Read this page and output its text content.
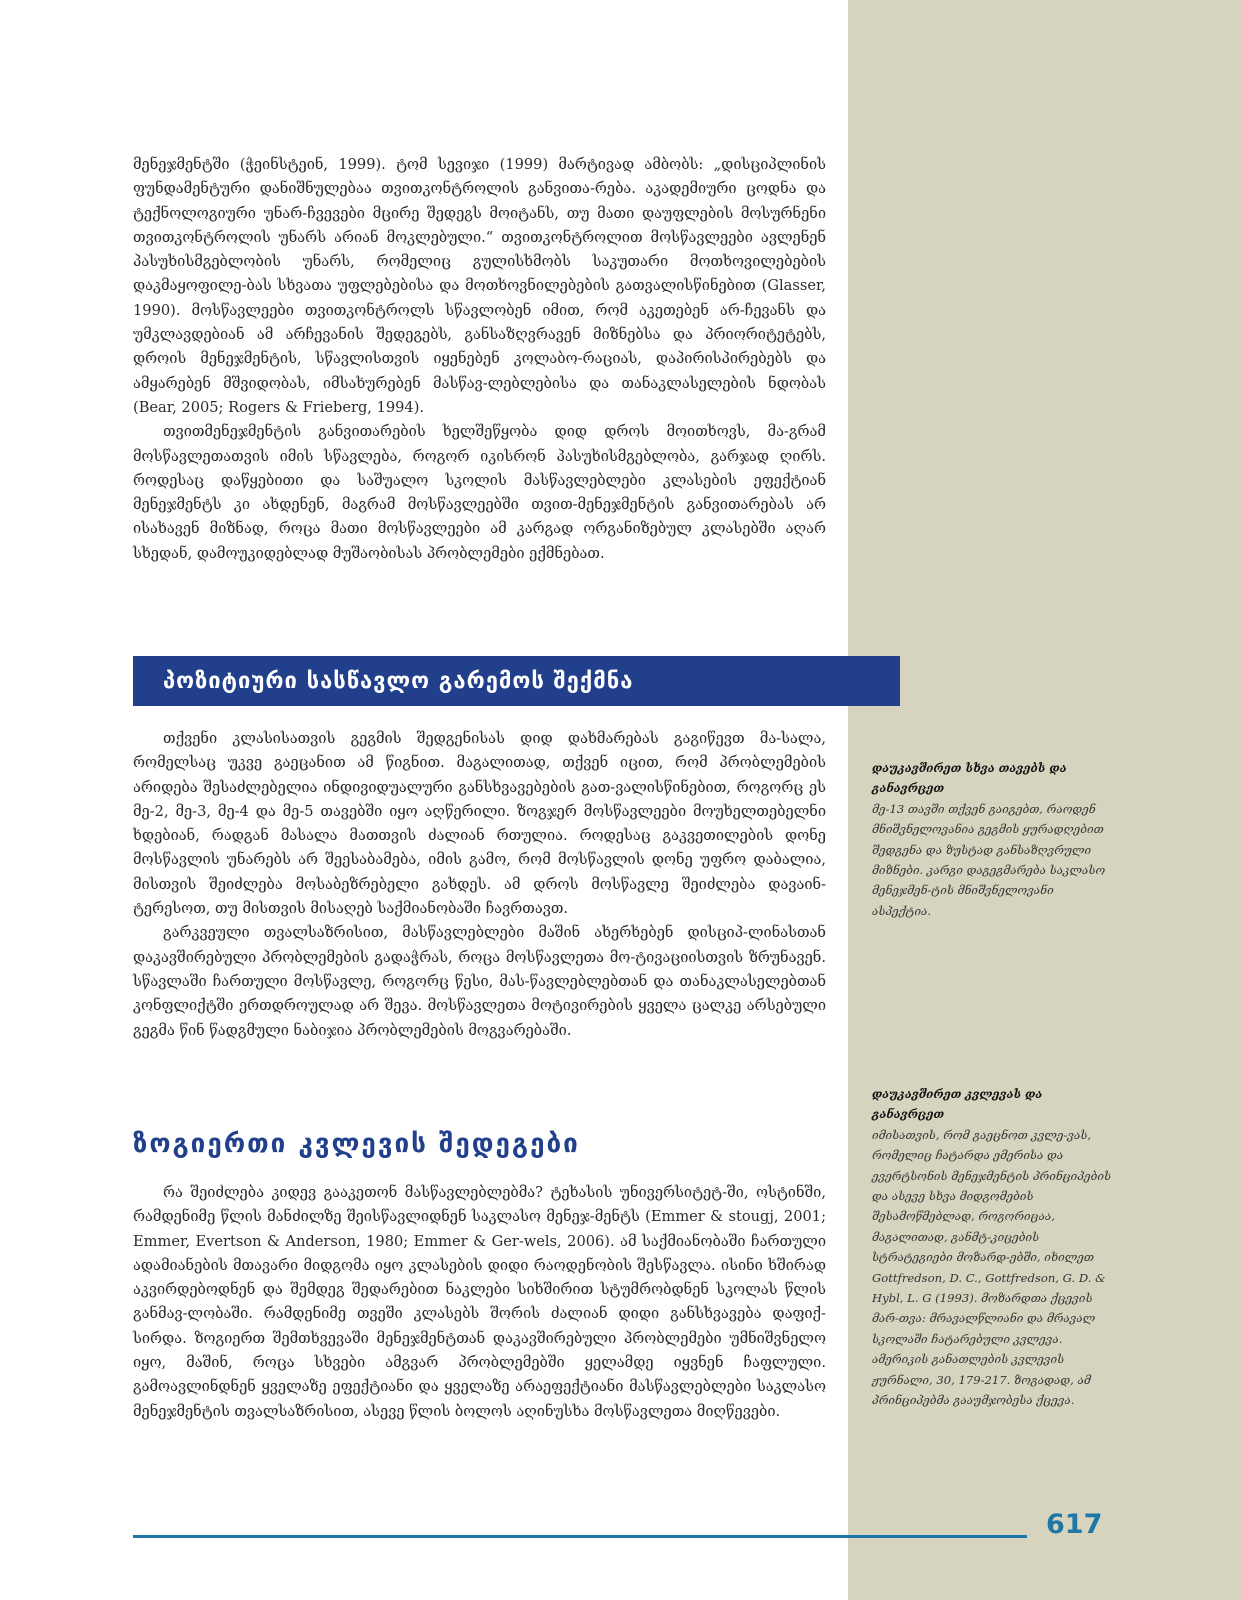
მენეჯმენტში (ჭეინსტეინ, 1999). ტომ სევიჯი (1999) მარტივად ამბობს: „დისციპლინის ფუნდამენტური დანიშნულებაა თვითკონტროლის განვითა-რება. აკადემიური ცოდნა და ტექნოლოგიური უნარ-ჩვევები მცირე შედეგს მოიტანს, თუ მათი დაუფლების მოსურნენი თვითკონტროლის უნარს არიან მოკლებული.“ თვითკონტროლით მოსწავლეები ავლენენ პასუხისმგებლობის უნარს, რომელიც გულისხმობს საკუთარი მოთხოვილებების დაკმაყოფილე-ბას სხვათა უფლებებისა და მოთხოვნილებების გათვალისწინებით (Glasser, 1990). მოსწავლეები თვითკონტროლს სწავლობენ იმით, რომ აკეთებენ არ-ჩევანს და უმკლავდებიან ამ არჩევანის შედეგებს, განსაზღვრავენ მიზნებსა და პრიორიტეტებს, დროის მენეჯმენტის, სწავლისთვის იყენებენ კოლაბო-რაციას, დაპირისპირებებს და ამყარებენ მშვიდობას, იმსახურებენ მასწავ-ლებლებისა და თანაკლასელების ნდობას (Bear, 2005; Rogers & Frieberg, 1994).

თვითმენეჯმენტის განვითარების ხელშეწყობა დიდ დროს მოითხოვს, მა-გრამ მოსწავლეთათვის იმის სწავლება, როგორ იკისრონ პასუხისმგებლობა, გარჯად ღირს. როდესაც დაწყებითი და საშუალო სკოლის მასწავლებლები კლასების ეფექტიან მენეჯმენტს კი ახდენენ, მაგრამ მოსწავლეებში თვით-მენეჯმენტის განვითარებას არ ისახავენ მიზნად, როცა მათი მოსწავლეები ამ კარგად ორგანიზებულ კლასებში აღარ სხედან, დამოუკიდებლად მუშაობისას პრობლემები ექმნებათ.

პოზიტიური სასწავლო გარემოს შექმნა

თქვენი კლასისათვის გეგმის შედგენისას დიდ დახმარებას გაგიწევთ მა-სალა, რომელსაც უკვე გაეცანით ამ წიგნით. მაგალითად, თქვენ იცით, რომ პრობლემების არიდება შესაძლებელია ინდივიდუალური განსხვავებების გათ-ვალისწინებით, როგორც ეს მე-2, მე-3, მე-4 და მე-5 თავებში იყო აღწერილი. ზოგჯერ მოსწავლეები მოუხელთებელნი ხდებიან, რადგან მასალა მათთვის ძალიან რთულია. როდესაც გაკვეთილების დონე მოსწავლის უნარებს არ შეესაბამება, იმის გამო, რომ მოსწავლის დონე უფრო დაბალია, მისთვის შეიძლება მოსაბეზრებელი გახდეს. ამ დროს მოსწავლე შეიძლება დავაინ-ტერესოთ, თუ მისთვის მისაღებ საქმიანობაში ჩავრთავთ.

გარკვეული თვალსაზრისით, მასწავლებლები მაშინ ახერხებენ დისციპ-ლინასთან დაკავშირებული პრობლემების გადაჭრას, როცა მოსწავლეთა მო-ტივაციისთვის ზრუნავენ. სწავლაში ჩართული მოსწავლე, როგორც წესი, მას-წავლებლებთან და თანაკლასელებთან კონფლიქტში ერთდროულად არ შევა. მოსწავლეთა მოტივირების ყველა ცალკე არსებული გეგმა წინ წადგმული ნაბიჯია პრობლემების მოგვარებაში.

ზოგიერთი კვლევის შედეგები

რა შეიძლება კიდევ გააკეთონ მასწავლებლებმა? ტეხასის უნივერსიტეტ-ში, ოსტინში, რამდენიმე წლის მანძილზე შეისწავლიდნენ საკლასო მენეჯ-მენტს (Emmer & stougj, 2001; Emmer, Evertson & Anderson, 1980; Emmer & Ger-wels, 2006). ამ საქმიანობაში ჩართული ადამიანების მთავარი მიდგომა იყო კლასების დიდი რაოდენობის შესწავლა. ისინი ხშირად აკვირდებოდნენ და შემდეგ შედარებით ნაკლები სიხშირით სტუმრობდნენ სკოლას წლის განმავ-ლობაში. რამდენიმე თვეში კლასებს შორის ძალიან დიდი განსხვავება დაფიქ-სირდა. ზოგიერთ შემთხვევაში მენეჯმენტთან დაკავშირებული პრობლემები უმნიშვნელო იყო, მაშინ, როცა სხვები ამგვარ პრობლემებში ყელამდე იყვნენ ჩაფლული. გამოავლინდნენ ყველაზე ეფექტიანი და ყველაზე არაეფექტიანი მასწავლებლები საკლასო მენეჯმენტის თვალსაზრისით, ასევე წლის ბოლოს აღინუსხა მოსწავლეთა მიღწევები.

დაუკავშირეთ სხვა თავებს და განავრცეთ
მე-13 თავში თქვენ გაიგებთ, რაოდენ მნიშვნელოვანია გეგმის ყურადღებით შედგენა და ზუსტად განსაზღვრული მიზნები. კარგი დაგეგმარება საკლასო მენეჯმენ-ტის მნიშვნელოვანი ასპექტია.
დაუკავშირეთ კვლევას და განავრცეთ
იმისათვის, რომ გაეცნოთ კვლე-ვას, რომელიც ჩატარდა ემერისა და ევერტსონის მენეჯმენტის პრინციპების და ასევე სხვა მიდგომების შესამოწმებლად, როგორიცაა, მაგალითად, განმტ-კიცების სტრატეგიები მოზარდ-ებში, იხილეთ Gottfredson, D. C., Gottfredson, G. D. & Hybl, L. G (1993). მოზარდთა ქცევის მარ-თვა: მრავალწლიანი და მრავალ სკოლაში ჩატარებული კვლევა. ამერიკის განათლების კვლევის ჟურნალი, 30, 179-217. ზოგადად, ამ პრინციპებმა გააუმჯობესა ქცევა.
617
